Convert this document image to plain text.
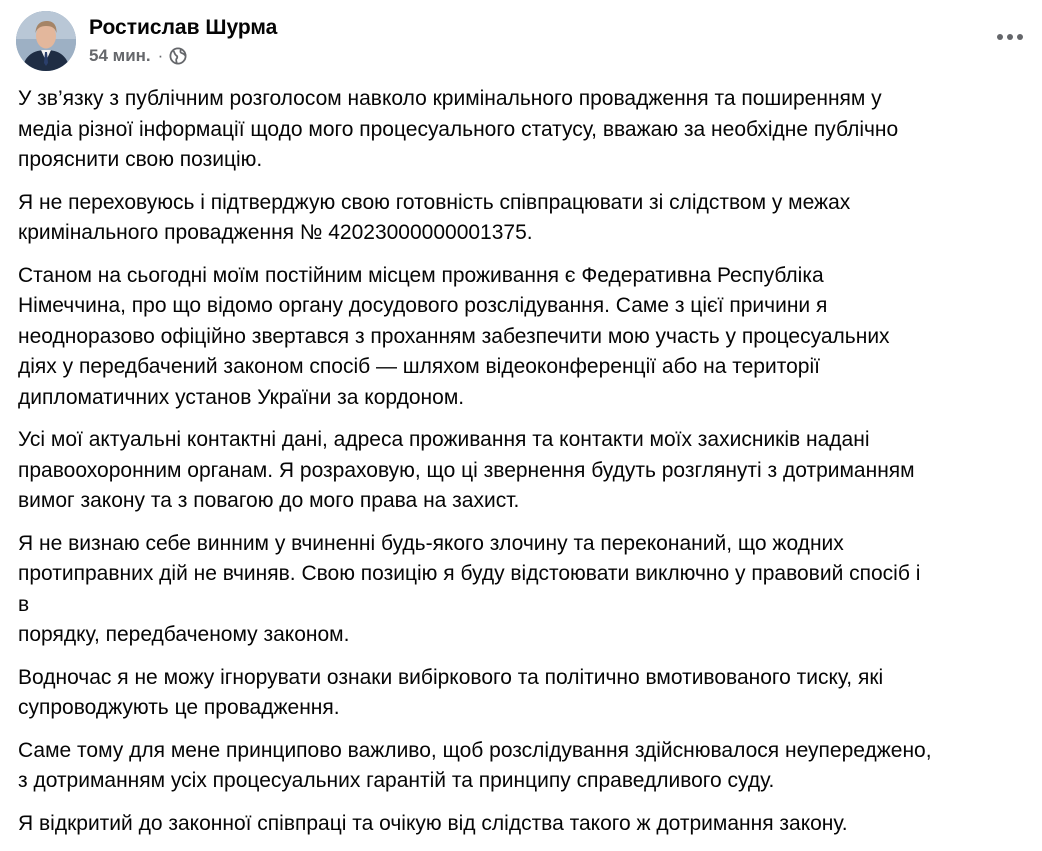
Ростислав Шурма
54 мин. ·

У зв’язку з публічним розголосом навколо кримінального провадження та поширенням у
медіа різної інформації щодо мого процесуального статусу, вважаю за необхідне публічно
прояснити свою позицію.

Я не переховуюсь і підтверджую свою готовність співпрацювати зі слідством у межах
кримінального провадження № 42023000000001375.

Станом на сьогодні моїм постійним місцем проживання є Федеративна Республіка
Німеччина, про що відомо органу досудового розслідування. Саме з цієї причини я
неодноразово офіційно звертався з проханням забезпечити мою участь у процесуальних
діях у передбачений законом спосіб — шляхом відеоконференції або на території
дипломатичних установ України за кордоном.

Усі мої актуальні контактні дані, адреса проживання та контакти моїх захисників надані
правоохоронним органам. Я розраховую, що ці звернення будуть розглянуті з дотриманням
вимог закону та з повагою до мого права на захист.

Я не визнаю себе винним у вчиненні будь-якого злочину та переконаний, що жодних
протиправних дій не вчиняв. Свою позицію я буду відстоювати виключно у правовий спосіб і
в
порядку, передбаченому законом.

Водночас я не можу ігнорувати ознаки вибіркового та політично вмотивованого тиску, які
супроводжують це провадження.

Саме тому для мене принципово важливо, щоб розслідування здійснювалося неупереджено,
з дотриманням усіх процесуальних гарантій та принципу справедливого суду.

Я відкритий до законної співпраці та очікую від слідства такого ж дотримання закону.
